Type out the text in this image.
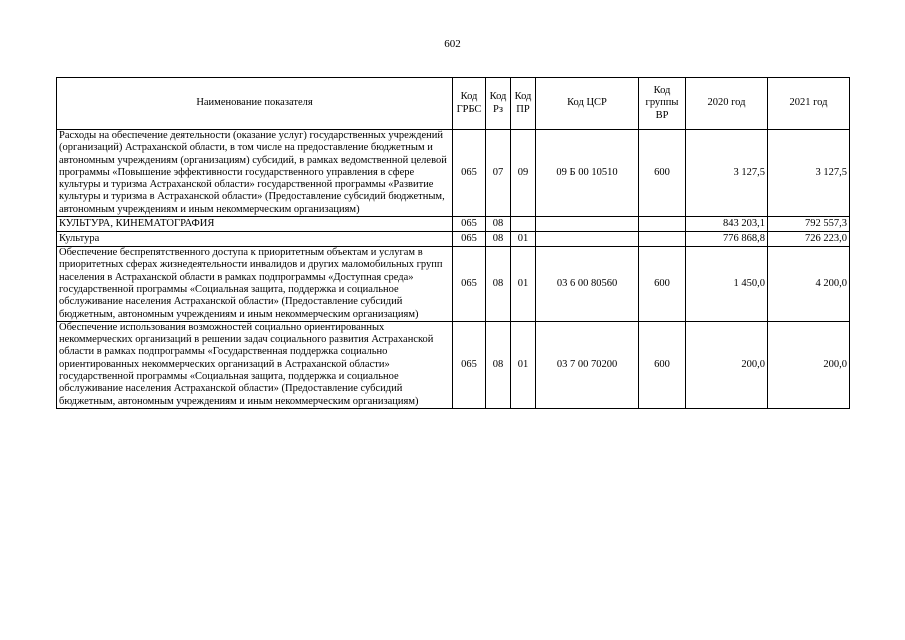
602
Наименование показателя	Код ГРБС	Код Рз	Код ПР	Код ЦСР	Код группы ВР	2020 год	2021 год
Расходы на обеспечение деятельности (оказание услуг) государственных учреждений (организаций) Астраханской области, в том числе на предоставление бюджетным и автономным учреждениям (организациям) субсидий, в рамках ведомственной целевой программы «Повышение эффективности государственного управления в сфере культуры и туризма Астраханской области» государственной программы «Развитие культуры и туризма в Астраханской области» (Предоставление субсидий бюджетным, автономным учреждениям и иным некоммерческим организациям)	065	07	09	09 Б 00 10510	600	3 127,5	3 127,5
КУЛЬТУРА, КИНЕМАТОГРАФИЯ	065	08				843 203,1	792 557,3
Культура	065	08	01			776 868,8	726 223,0
Обеспечение беспрепятственного доступа к приоритетным объектам и услугам в приоритетных сферах жизнедеятельности инвалидов и других маломобильных групп населения в Астраханской области в рамках подпрограммы «Доступная среда» государственной программы «Социальная защита, поддержка и социальное обслуживание населения Астраханской области» (Предоставление субсидий бюджетным, автономным учреждениям и иным некоммерческим организациям)	065	08	01	03 6 00 80560	600	1 450,0	4 200,0
Обеспечение использования возможностей социально ориентированных некоммерческих организаций в решении задач социального развития Астраханской области в рамках подпрограммы «Государственная поддержка социально ориентированных некоммерческих организаций в Астраханской области» государственной программы «Социальная защита, поддержка и социальное обслуживание населения Астраханской области» (Предоставление субсидий бюджетным, автономным учреждениям и иным некоммерческим организациям)	065	08	01	03 7 00 70200	600	200,0	200,0
